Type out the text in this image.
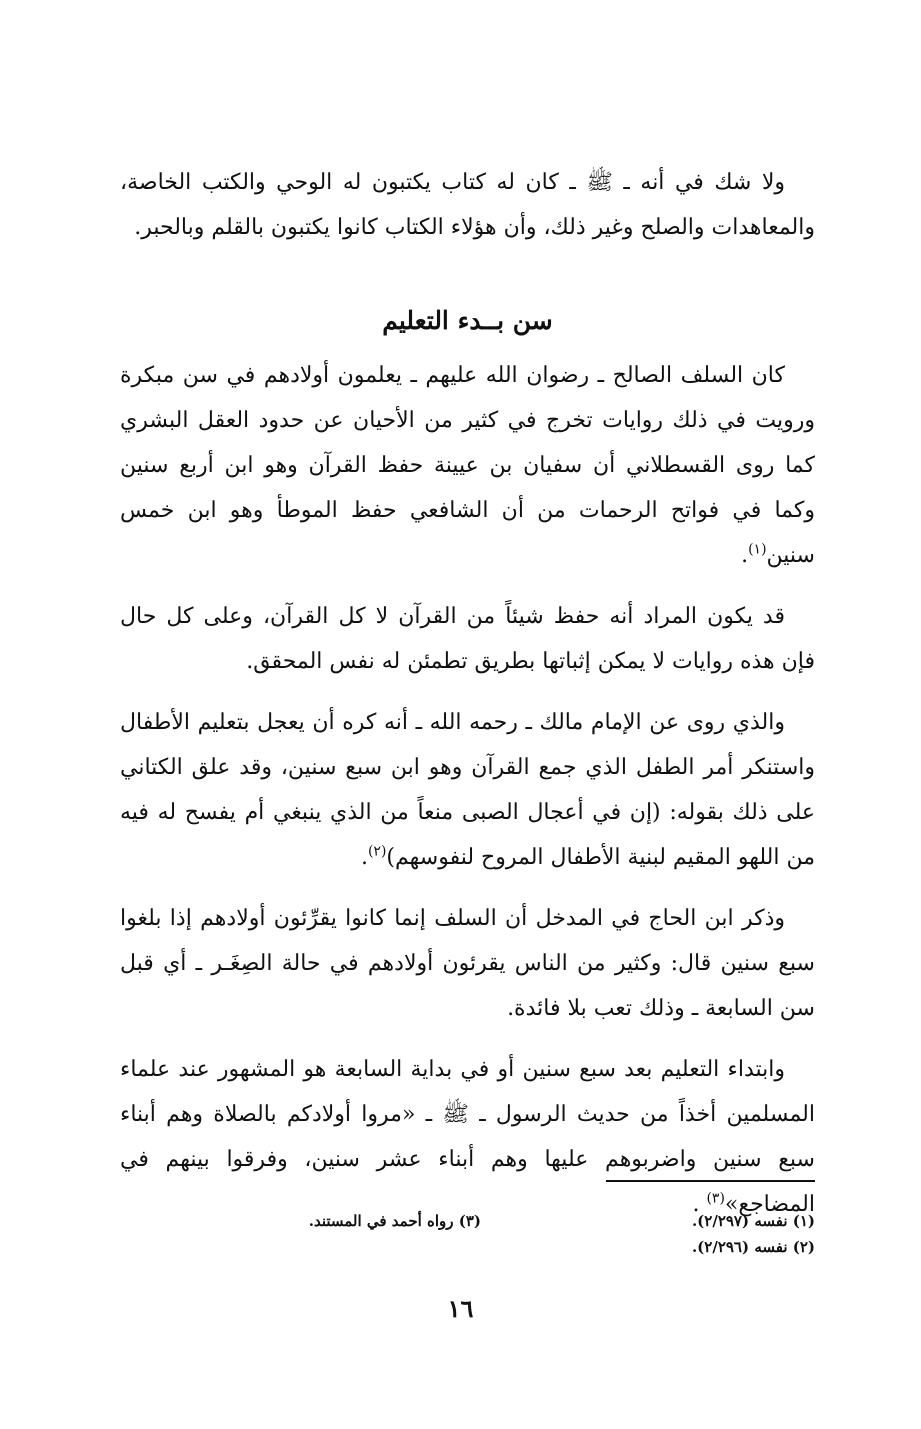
ولا شك في أنه ـ ﷺ ـ كان له كتاب يكتبون له الوحي والكتب الخاصة، والمعاهدات والصلح وغير ذلك، وأن هؤلاء الكتاب كانوا يكتبون بالقلم وبالحبر.

سن بــدء التعليم

كان السلف الصالح ـ رضوان الله عليهم ـ يعلمون أولادهم في سن مبكرة ورويت في ذلك روايات تخرج في كثير من الأحيان عن حدود العقل البشري كما روى القسطلاني أن سفيان بن عيينة حفظ القرآن وهو ابن أربع سنين وكما في فواتح الرحمات من أن الشافعي حفظ الموطأ وهو ابن خمس سنين$^{(١)}$.

قد يكون المراد أنه حفظ شيئاً من القرآن لا كل القرآن، وعلى كل حال فإن هذه روايات لا يمكن إثباتها بطريق تطمئن له نفس المحقق.

والذي روى عن الإمام مالك ـ رحمه الله ـ أنه كره أن يعجل بتعليم الأطفال واستنكر أمر الطفل الذي جمع القرآن وهو ابن سبع سنين، وقد علق الكتاني على ذلك بقوله: (إن في أعجال الصبى منعاً من الذي ينبغي أم يفسح له فيه من اللهو المقيم لبنية الأطفال المروح لنفوسهم)$^{(٢)}$.

وذكر ابن الحاج في المدخل أن السلف إنما كانوا يقرِّئون أولادهم إذا بلغوا سبع سنين قال: وكثير من الناس يقرئون أولادهم في حالة الصِغَـر ـ أي قبل سن السابعة ـ وذلك تعب بلا فائدة.

وابتداء التعليم بعد سبع سنين أو في بداية السابعة هو المشهور عند علماء المسلمين أخذاً من حديث الرسول ـ ﷺ ـ «مروا أولادكم بالصلاة وهم أبناء سبع سنين واضربوهم عليها وهم أبناء عشر سنين، وفرقوا بينهم في المضاجع»$^{(٣)}$ .

(١) نفسه (٢/٢٩٧).

(٢) نفسه (٢/٢٩٦).

(٣) رواه أحمد في المستند.

١٦
